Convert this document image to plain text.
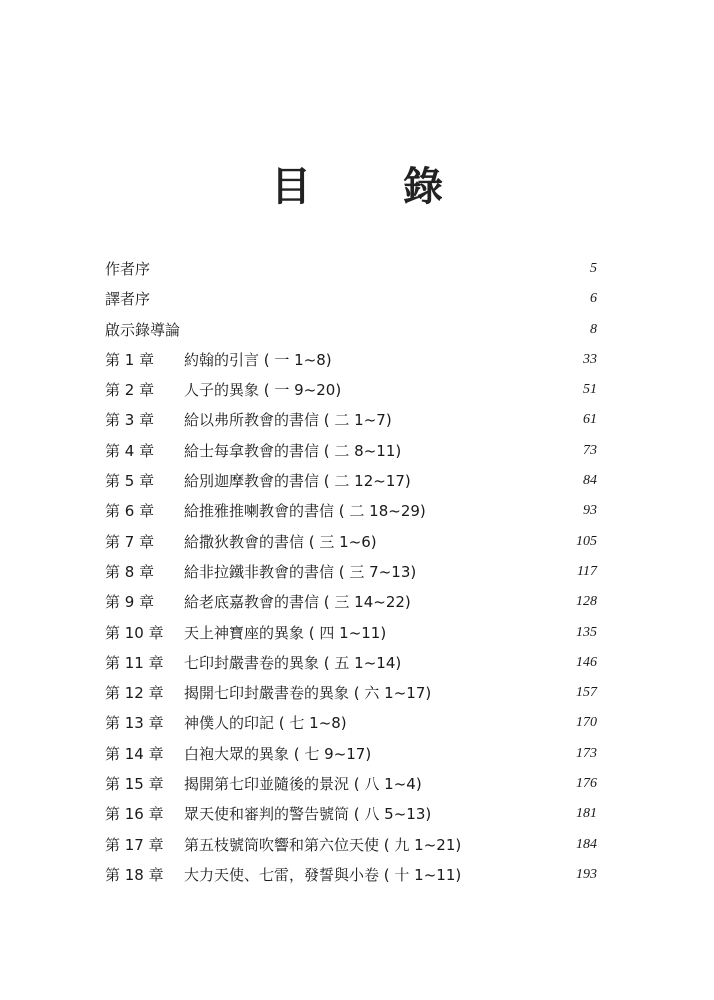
目　錄
作者序	5
譯者序	6
啟示錄導論	8
第 1 章 約翰的引言 ( 一 1~8)	33
第 2 章 人子的異象 ( 一 9~20)	51
第 3 章 給以弗所教會的書信 ( 二 1~7)	61
第 4 章 給士每拿教會的書信 ( 二 8~11)	73
第 5 章 給別迦摩教會的書信 ( 二 12~17)	84
第 6 章 給推雅推喇教會的書信 ( 二 18~29)	93
第 7 章 給撒狄教會的書信 ( 三 1~6)	105
第 8 章 給非拉鐵非教會的書信 ( 三 7~13)	117
第 9 章 給老底嘉教會的書信 ( 三 14~22)	128
第 10 章 天上神寶座的異象 ( 四 1~11)	135
第 11 章 七印封嚴書卷的異象 ( 五 1~14)	146
第 12 章 揭開七印封嚴書卷的異象 ( 六 1~17)	157
第 13 章 神僕人的印記 ( 七 1~8)	170
第 14 章 白袍大眾的異象 ( 七 9~17)	173
第 15 章 揭開第七印並隨後的景況 ( 八 1~4)	176
第 16 章 眾天使和審判的警告號筒 ( 八 5~13)	181
第 17 章 第五枝號筒吹響和第六位天使 ( 九 1~21)	184
第 18 章 大力天使、七雷，發誓與小卷 ( 十 1~11)	193
